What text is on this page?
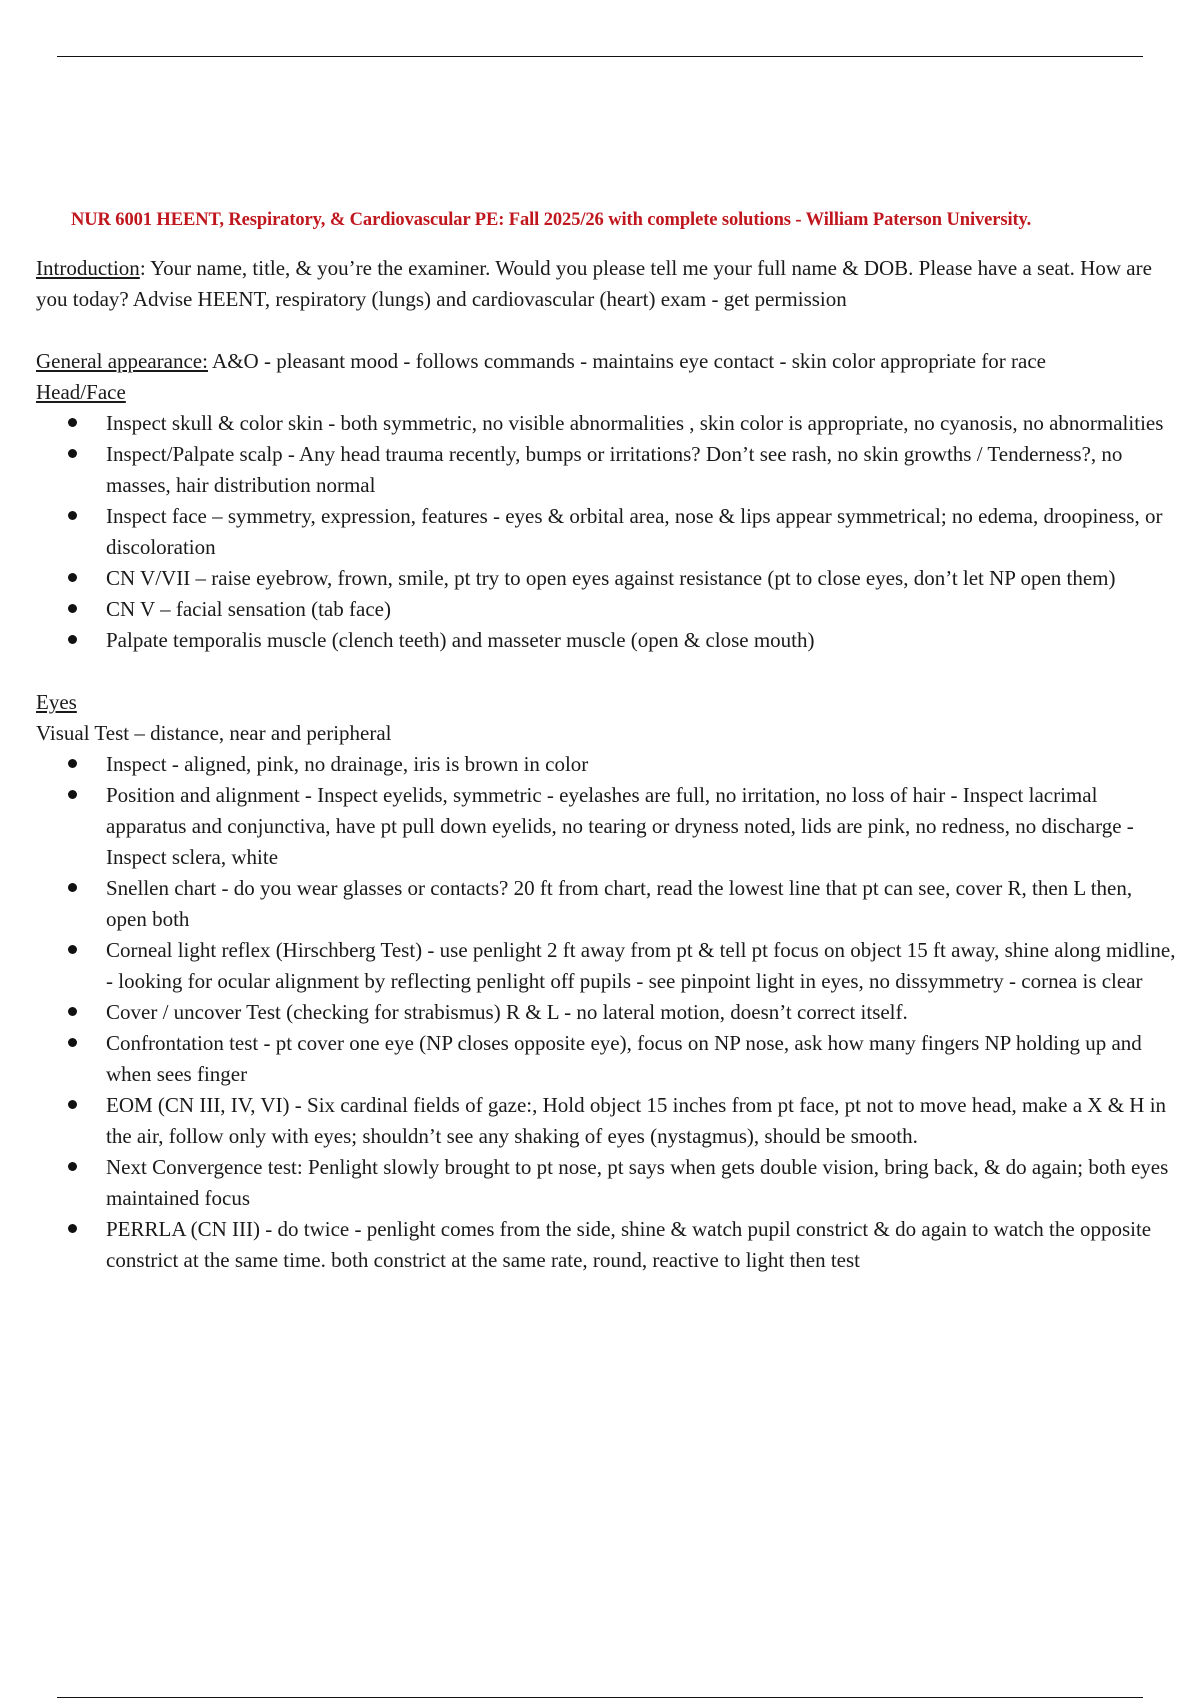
NUR 6001 HEENT, Respiratory, & Cardiovascular PE: Fall 2025/26 with complete solutions - William Paterson University.

Introduction: Your name, title, & you’re the examiner. Would you please tell me your full name & DOB. Please have a seat. How are you today? Advise HEENT, respiratory (lungs) and cardiovascular (heart) exam - get permission

General appearance: A&O - pleasant mood - follows commands - maintains eye contact - skin color appropriate for race

Head/Face

Inspect skull & color skin - both symmetric, no visible abnormalities , skin color is appropriate, no cyanosis, no abnormalities
Inspect/Palpate scalp - Any head trauma recently, bumps or irritations? Don’t see rash, no skin growths / Tenderness?, no masses, hair distribution normal
Inspect face – symmetry, expression, features - eyes & orbital area, nose & lips appear symmetrical; no edema, droopiness, or discoloration
CN V/VII – raise eyebrow, frown, smile, pt try to open eyes against resistance (pt to close eyes, don’t let NP open them)
CN V – facial sensation (tab face)
Palpate temporalis muscle (clench teeth) and masseter muscle (open & close mouth)

Eyes

Visual Test – distance, near and peripheral

Inspect - aligned, pink, no drainage, iris is brown in color
Position and alignment - Inspect eyelids, symmetric - eyelashes are full, no irritation, no loss of hair - Inspect lacrimal apparatus and conjunctiva, have pt pull down eyelids, no tearing or dryness noted, lids are pink, no redness, no discharge - Inspect sclera, white
Snellen chart - do you wear glasses or contacts? 20 ft from chart, read the lowest line that pt can see, cover R, then L then, open both
Corneal light reflex (Hirschberg Test) - use penlight 2 ft away from pt & tell pt focus on object 15 ft away, shine along midline, - looking for ocular alignment by reflecting penlight off pupils - see pinpoint light in eyes, no dissymmetry - cornea is clear
Cover / uncover Test (checking for strabismus) R & L - no lateral motion, doesn’t correct itself.
Confrontation test - pt cover one eye (NP closes opposite eye), focus on NP nose, ask how many fingers NP holding up and when sees finger
EOM (CN III, IV, VI) - Six cardinal fields of gaze:, Hold object 15 inches from pt face, pt not to move head, make a X & H in the air, follow only with eyes; shouldn’t see any shaking of eyes (nystagmus), should be smooth.
Next Convergence test: Penlight slowly brought to pt nose, pt says when gets double vision, bring back, & do again; both eyes maintained focus
PERRLA (CN III) - do twice - penlight comes from the side, shine & watch pupil constrict & do again to watch the opposite constrict at the same time. both constrict at the same rate, round, reactive to light then test
